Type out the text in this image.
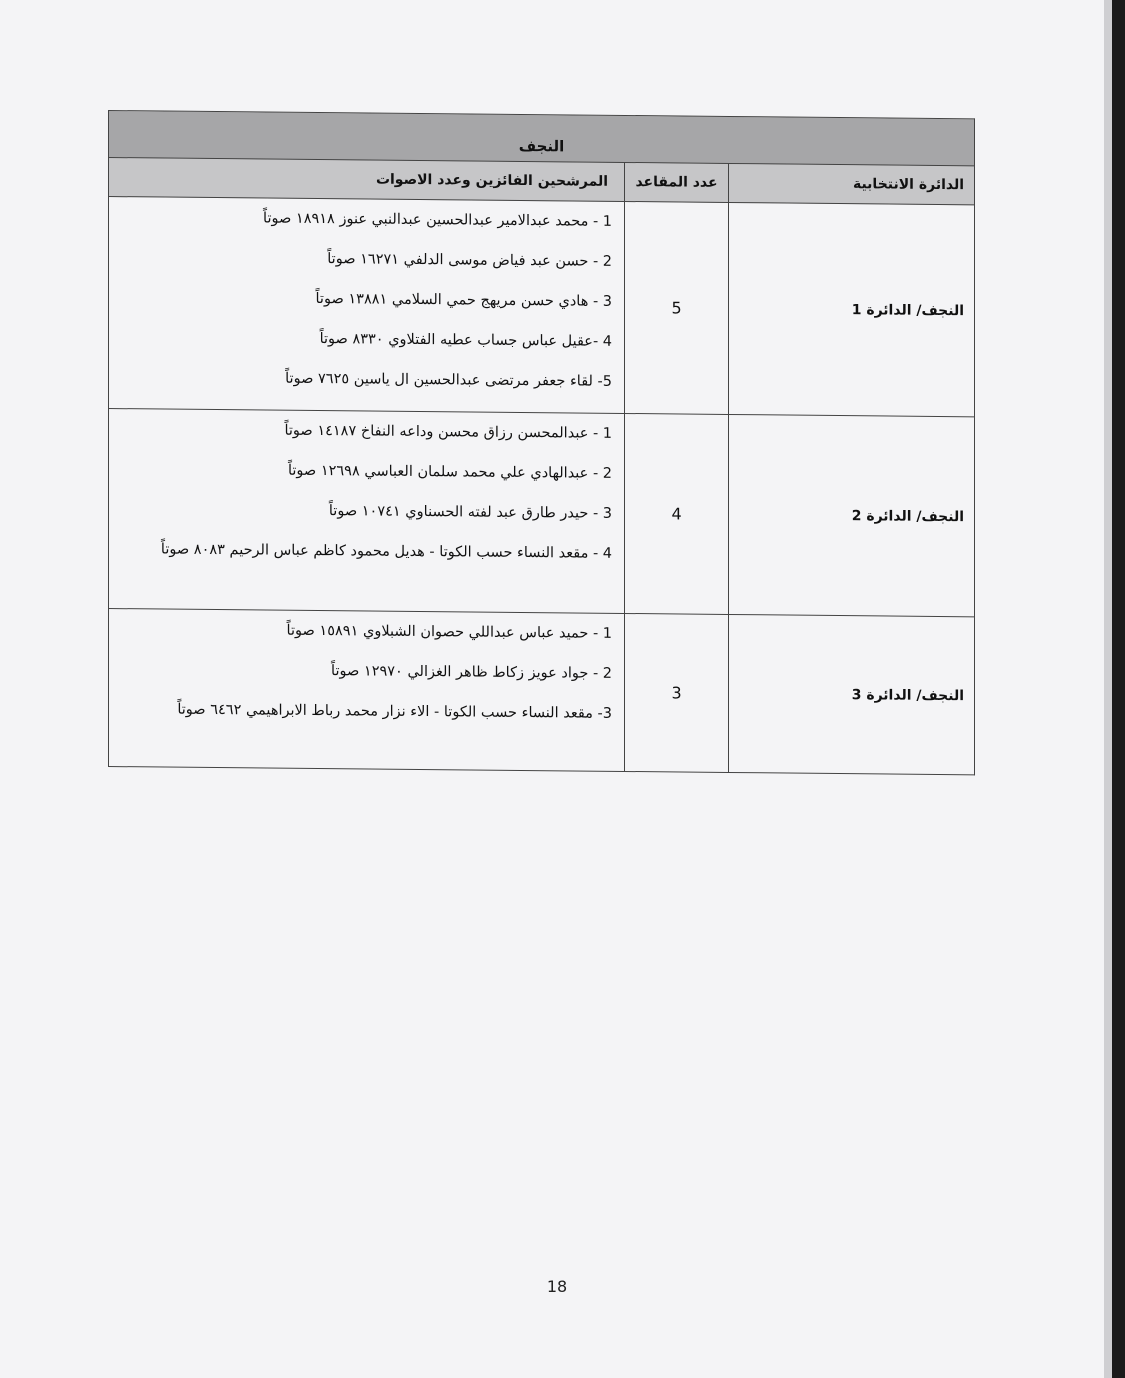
النجف		
الدائرة الانتخابية	عدد المقاعد	المرشحين الفائزين وعدد الاصوات
النجف/ الدائرة 1	5	1 - محمد عبدالامير عبدالحسين عبدالنبي عنوز ١٨٩١٨ صوتاً
2 - حسن عبد فياض موسى الدلفي ١٦٢٧١ صوتاً
3 - هادي حسن مريهج حمي السلامي ١٣٨٨١ صوتاً
4 -عقيل عباس جساب عطيه الفتلاوي ٨٣٣٠ صوتاً
5- لقاء جعفر مرتضى عبدالحسين ال ياسين ٧٦٢٥ صوتاً

النجف/ الدائرة 2	4	1 - عبدالمحسن رزاق محسن وداعه النفاخ ١٤١٨٧ صوتاً
2 - عبدالهادي علي محمد سلمان العباسي ١٢٦٩٨ صوتاً
3 - حيدر طارق عبد لفته الحسناوي ١٠٧٤١ صوتاً
4 - مقعد النساء حسب الكوتا - هديل محمود كاظم عباس الرحيم ٨٠٨٣ صوتاً

النجف/ الدائرة 3	3	1 - حميد عباس عبداللي حصوان الشبلاوي ١٥٨٩١ صوتاً
2 - جواد عويز زكاط ظاهر الغزالي ١٢٩٧٠ صوتاً
3- مقعد النساء حسب الكوتا - الاء نزار محمد رباط الابراهيمي ٦٤٦٢ صوتاً
18
